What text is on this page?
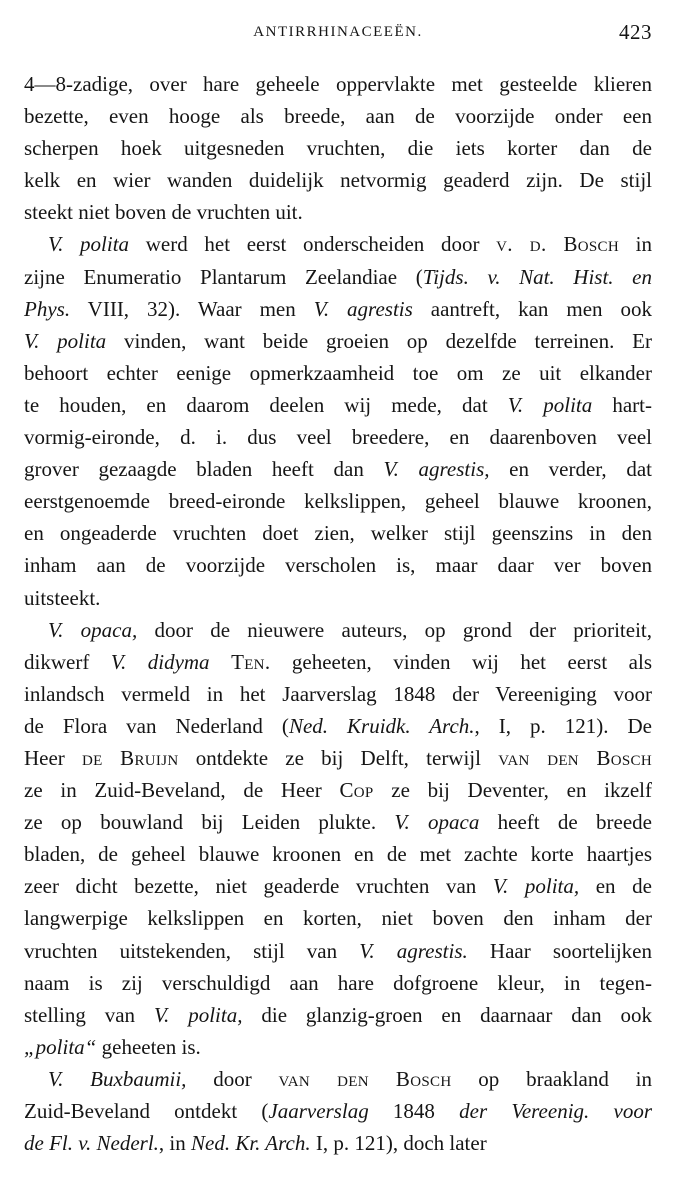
ANTIRRHINACEEËN.	423
4—8-zadige, over hare geheele oppervlakte met gesteelde klieren
bezette, even hooge als breede, aan de voorzijde onder een
scherpen hoek uitgesneden vruchten, die iets korter dan de
kelk en wier wanden duidelijk netvormig geaderd zijn. De stijl
steekt niet boven de vruchten uit.
V. polita werd het eerst onderscheiden door v. d. Bosch in
zijne Enumeratio Plantarum Zeelandiae (Tijds. v. Nat. Hist. en
Phys. VIII, 32). Waar men V. agrestis aantreft, kan men ook
V. polita vinden, want beide groeien op dezelfde terreinen. Er
behoort echter eenige opmerkzaamheid toe om ze uit elkander
te houden, en daarom deelen wij mede, dat V. polita hart-
vormig-eironde, d. i. dus veel breedere, en daarenboven veel
grover gezaagde bladen heeft dan V. agrestis, en verder, dat
eerstgenoemde breed-eironde kelkslippen, geheel blauwe kroonen,
en ongeaderde vruchten doet zien, welker stijl geenszins in den
inham aan de voorzijde verscholen is, maar daar ver boven
uitsteekt.
V. opaca, door de nieuwere auteurs, op grond der prioriteit,
dikwerf V. didyma Ten. geheeten, vinden wij het eerst als
inlandsch vermeld in het Jaarverslag 1848 der Vereeniging voor
de Flora van Nederland (Ned. Kruidk. Arch., I, p. 121). De
Heer de Bruijn ontdekte ze bij Delft, terwijl van den Bosch
ze in Zuid-Beveland, de Heer Cop ze bij Deventer, en ikzelf
ze op bouwland bij Leiden plukte. V. opaca heeft de breede
bladen, de geheel blauwe kroonen en de met zachte korte haartjes
zeer dicht bezette, niet geaderde vruchten van V. polita, en de
langwerpige kelkslippen en korten, niet boven den inham der
vruchten uitstekenden, stijl van V. agrestis. Haar soortelijken
naam is zij verschuldigd aan hare dofgroene kleur, in tegen-
stelling van V. polita, die glanzig-groen en daarnaar dan ook
„polita“ geheeten is.
V. Buxbaumii, door van den Bosch op braakland in
Zuid-Beveland ontdekt (Jaarverslag 1848 der Vereenig. voor
de Fl. v. Nederl., in Ned. Kr. Arch. I, p. 121), doch later
